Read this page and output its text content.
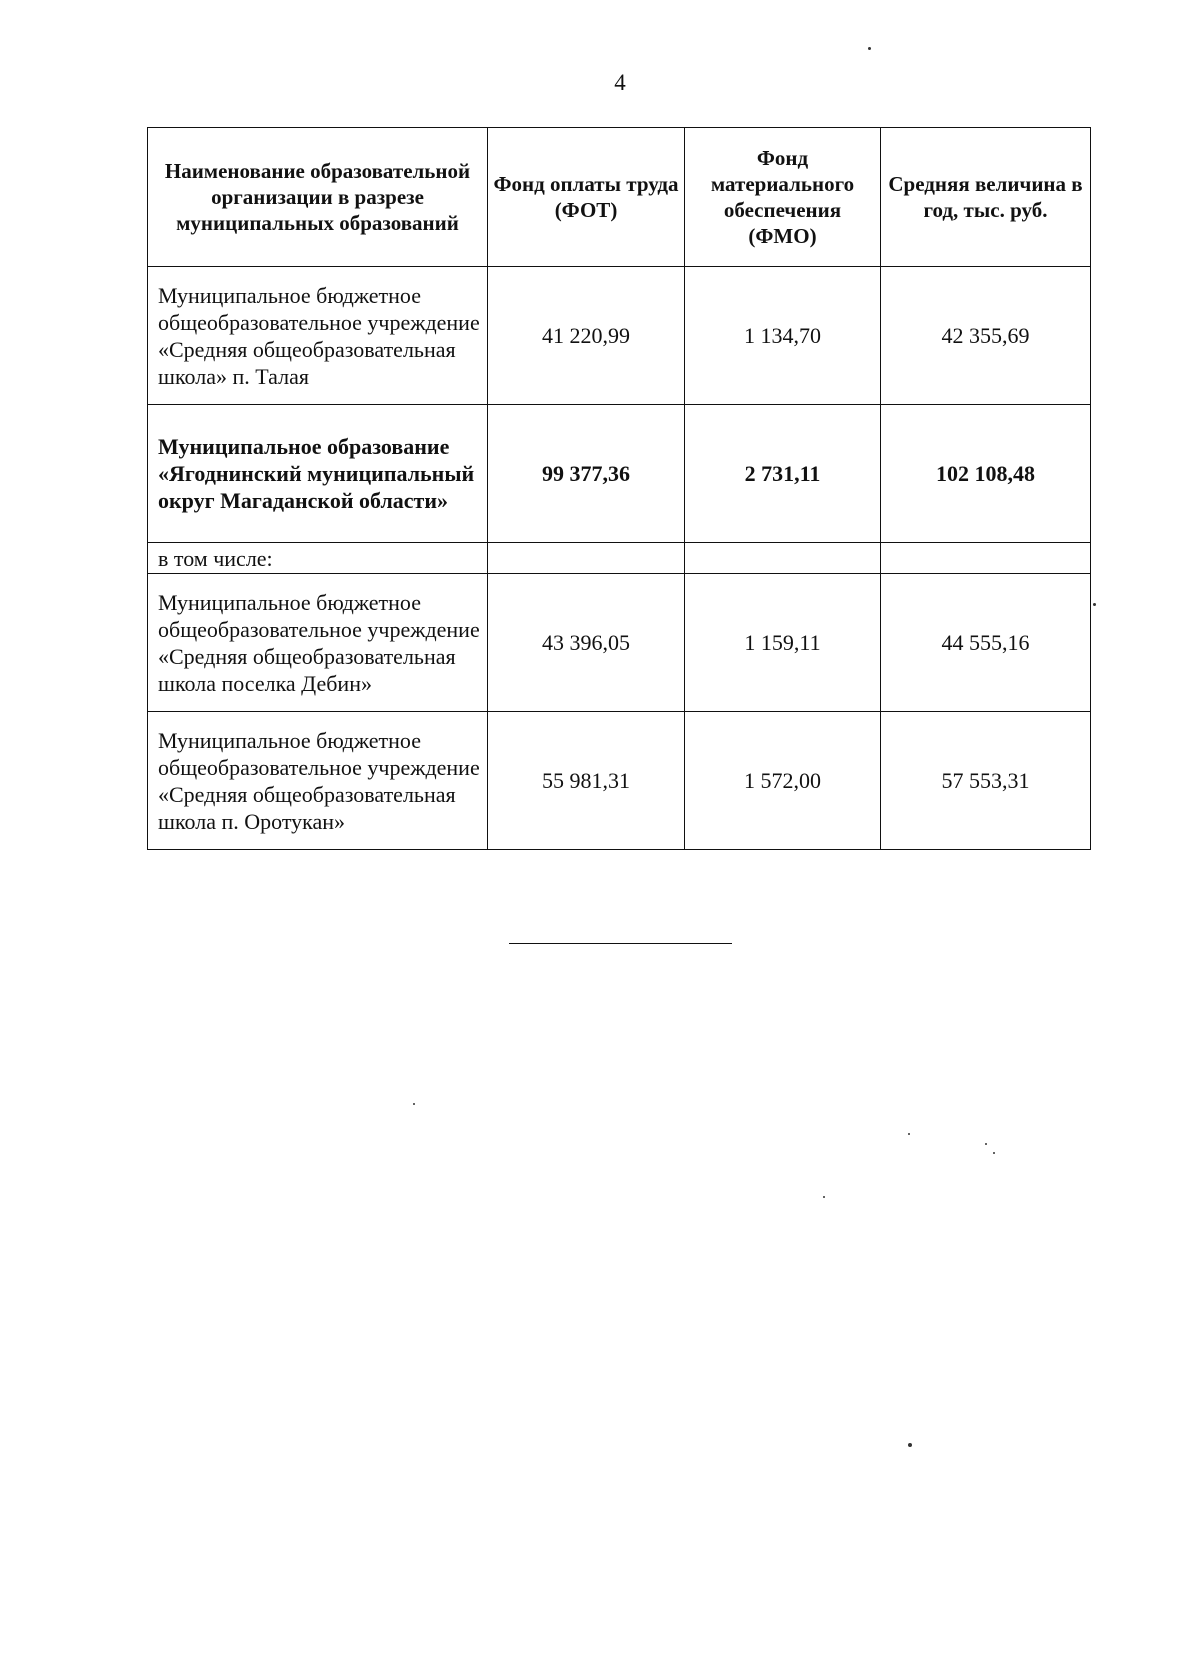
4
Наименование образовательной организации в разрезе муниципальных образований	Фонд оплаты труда (ФОТ)	Фонд материального обеспечения (ФМО)	Средняя величина в год, тыс. руб.
Муниципальное бюджетное общеобразовательное учреждение «Средняя общеобразовательная школа» п. Талая	41 220,99	1 134,70	42 355,69
Муниципальное образование «Ягоднинский муниципальный округ Магаданской области»	99 377,36	2 731,11	102 108,48
в том числе:			
Муниципальное бюджетное общеобразовательное учреждение «Средняя общеобразовательная школа поселка Дебин»	43 396,05	1 159,11	44 555,16
Муниципальное бюджетное общеобразовательное учреждение «Средняя общеобразовательная школа п. Оротукан»	55 981,31	1 572,00	57 553,31
